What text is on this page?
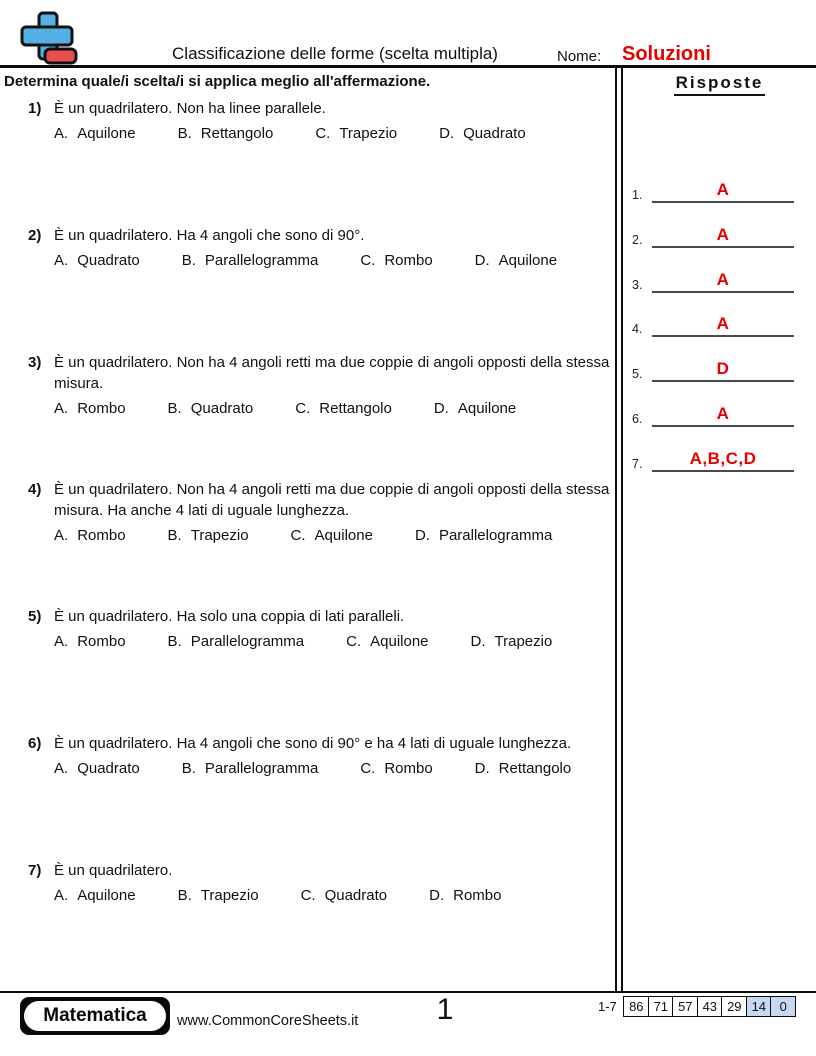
Classificazione delle forme (scelta multipla)	Nome: Soluzioni
Determina quale/i scelta/i si applica meglio all'affermazione.
1) È un quadrilatero. Non ha linee parallele.
A. Aquilone	B. Rettangolo	C. Trapezio	D. Quadrato
2) È un quadrilatero. Ha 4 angoli che sono di 90°.
A. Quadrato	B. Parallelogramma	C. Rombo	D. Aquilone
3) È un quadrilatero. Non ha 4 angoli retti ma due coppie di angoli opposti della stessa misura.
A. Rombo	B. Quadrato	C. Rettangolo	D. Aquilone
4) È un quadrilatero. Non ha 4 angoli retti ma due coppie di angoli opposti della stessa misura. Ha anche 4 lati di uguale lunghezza.
A. Rombo	B. Trapezio	C. Aquilone	D. Parallelogramma
5) È un quadrilatero. Ha solo una coppia di lati paralleli.
A. Rombo	B. Parallelogramma	C. Aquilone	D. Trapezio
6) È un quadrilatero. Ha 4 angoli che sono di 90° e ha 4 lati di uguale lunghezza.
A. Quadrato	B. Parallelogramma	C. Rombo	D. Rettangolo
7) È un quadrilatero.
A. Aquilone	B. Trapezio	C. Quadrato	D. Rombo
Risposte
1.	A
2.	A
3.	A
4.	A
5.	D
6.	A
7.	A,B,C,D
Matematica	www.CommonCoreSheets.it	1	1-7 86 71 57 43 29 14	0
